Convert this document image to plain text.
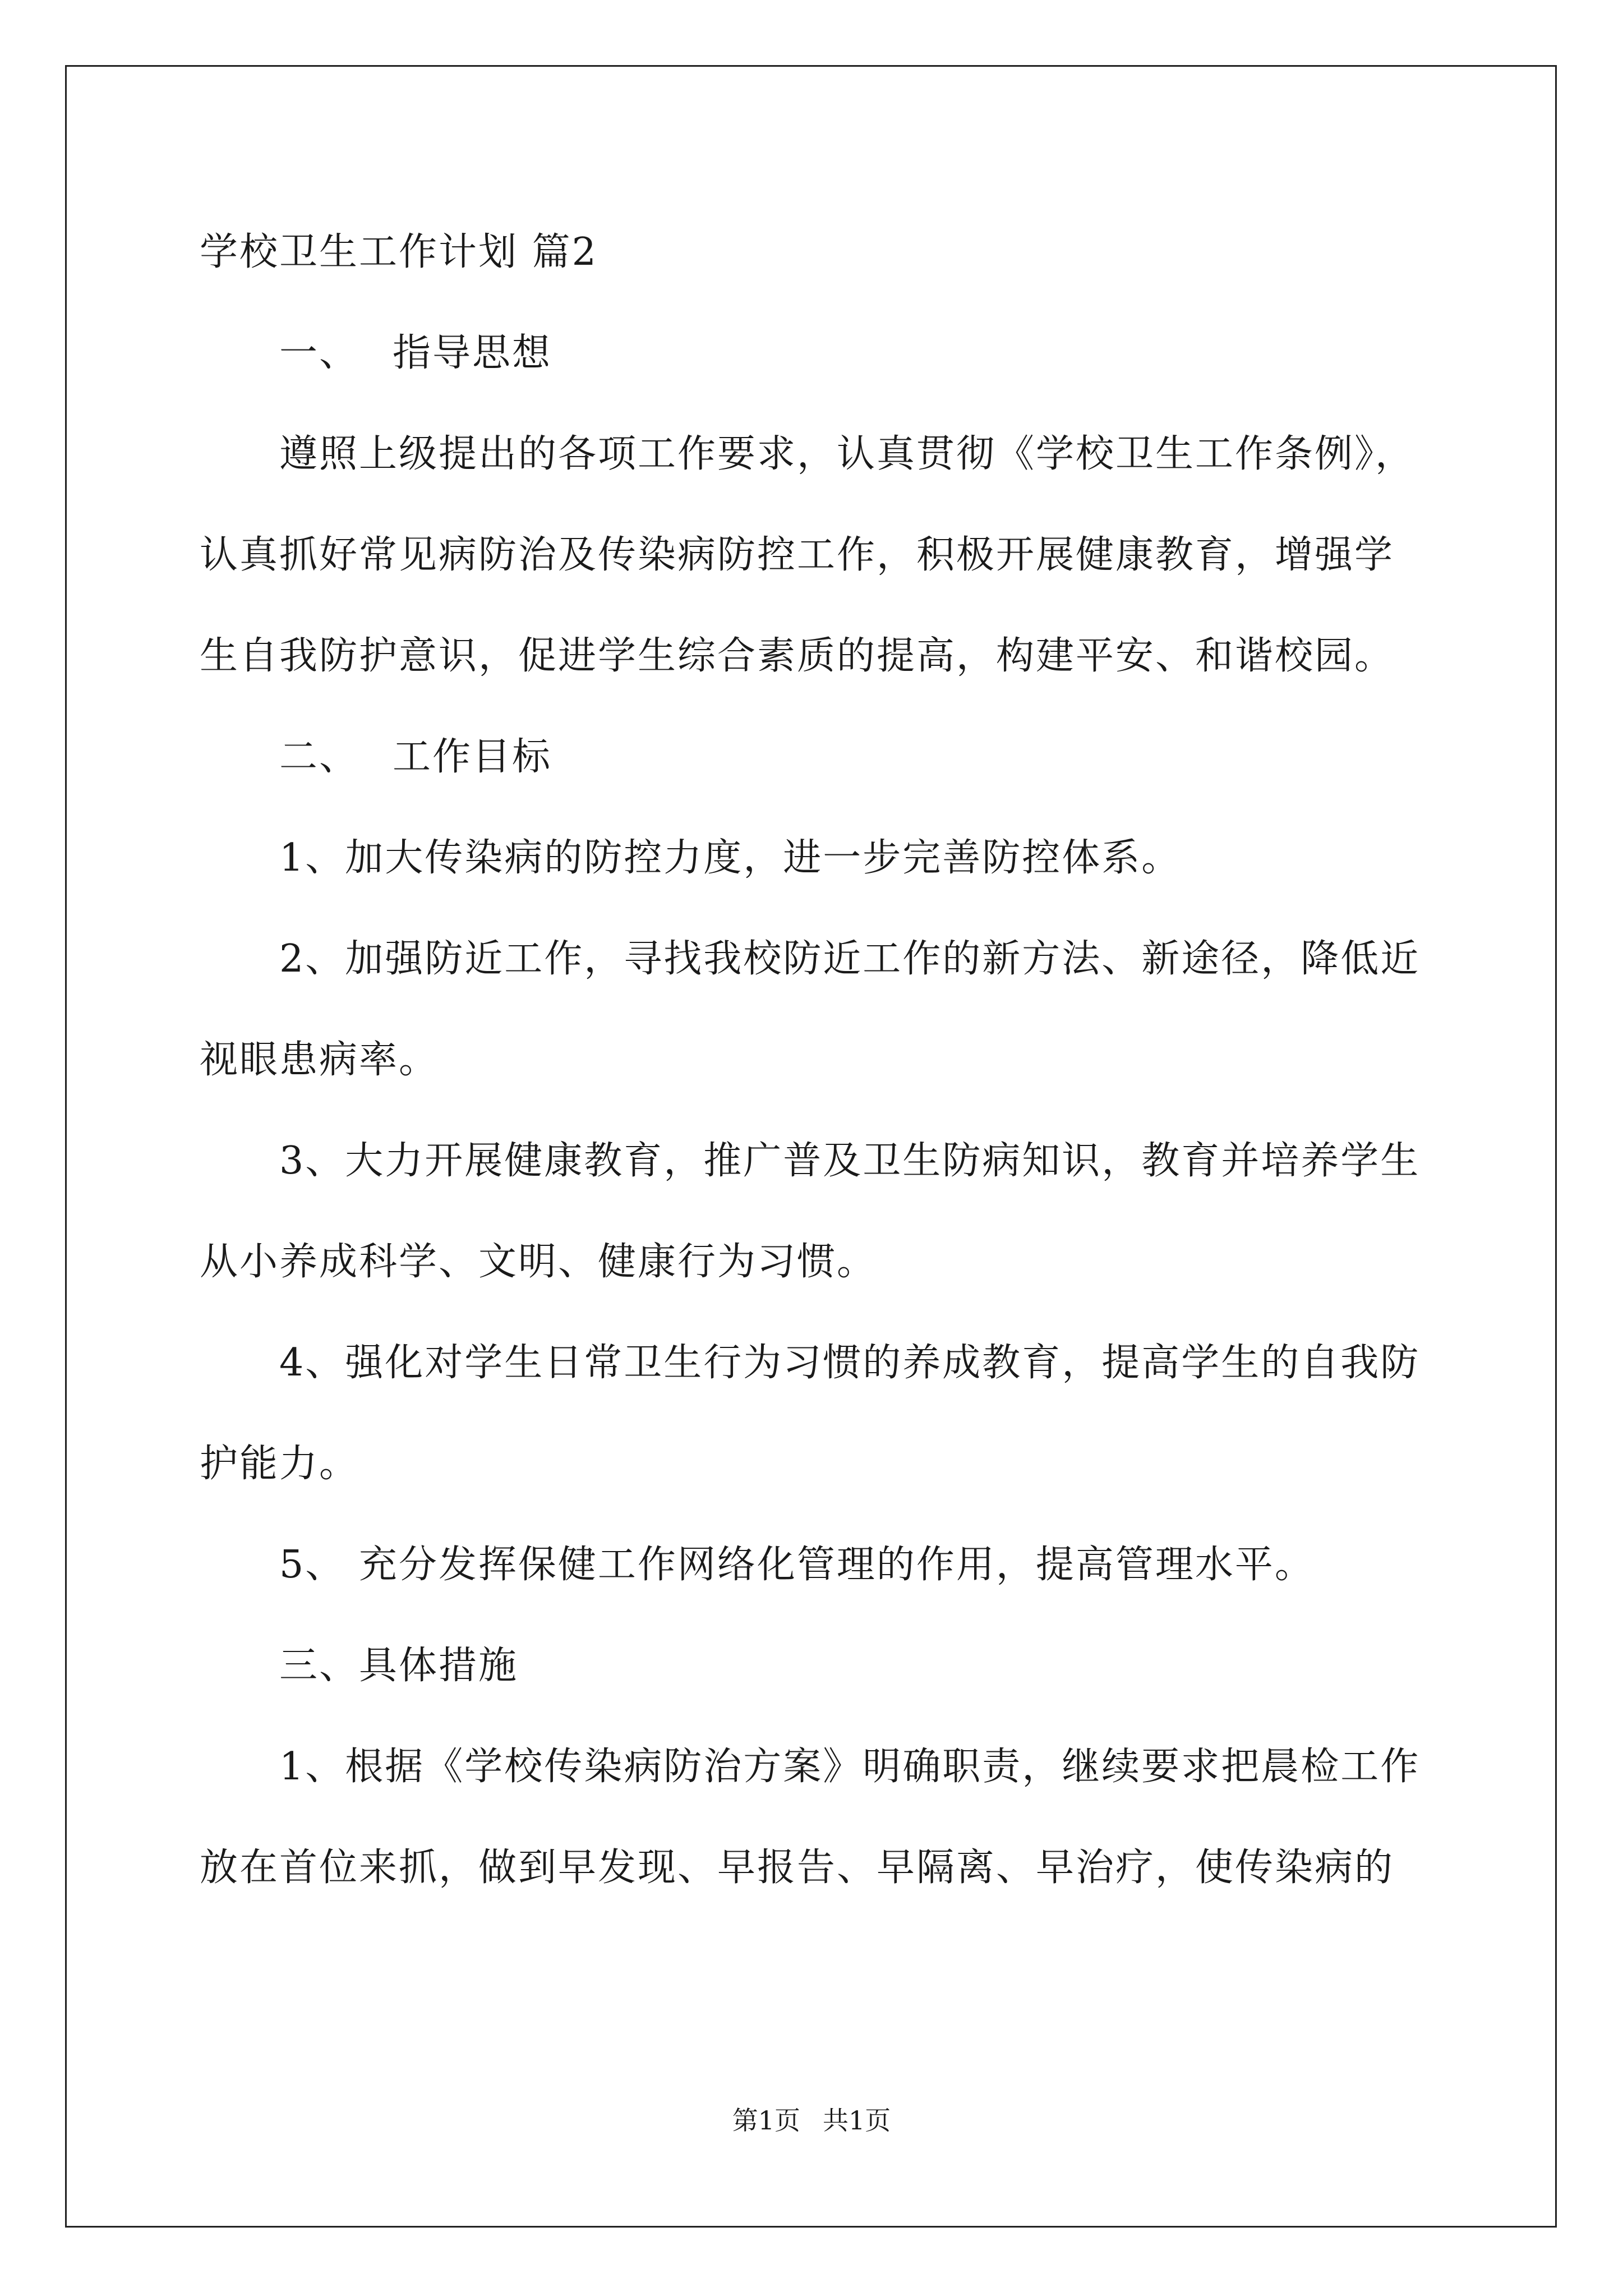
学校卫生工作计划 篇2
一、 指导思想
遵照上级提出的各项工作要求，认真贯彻《学校卫生工作条例》，
认真抓好常见病防治及传染病防控工作，积极开展健康教育，增强学
生自我防护意识，促进学生综合素质的提高，构建平安、和谐校园。
二、 工作目标
1、加大传染病的防控力度，进一步完善防控体系。
2、加强防近工作，寻找我校防近工作的新方法、新途径，降低近
视眼患病率。
3、大力开展健康教育，推广普及卫生防病知识，教育并培养学生
从小养成科学、文明、健康行为习惯。
4、强化对学生日常卫生行为习惯的养成教育，提高学生的自我防
护能力。
5、 充分发挥保健工作网络化管理的作用，提高管理水平。
三、具体措施
1、根据《学校传染病防治方案》明确职责，继续要求把晨检工作
放在首位来抓，做到早发现、早报告、早隔离、早治疗，使传染病的
第1页 共1页
